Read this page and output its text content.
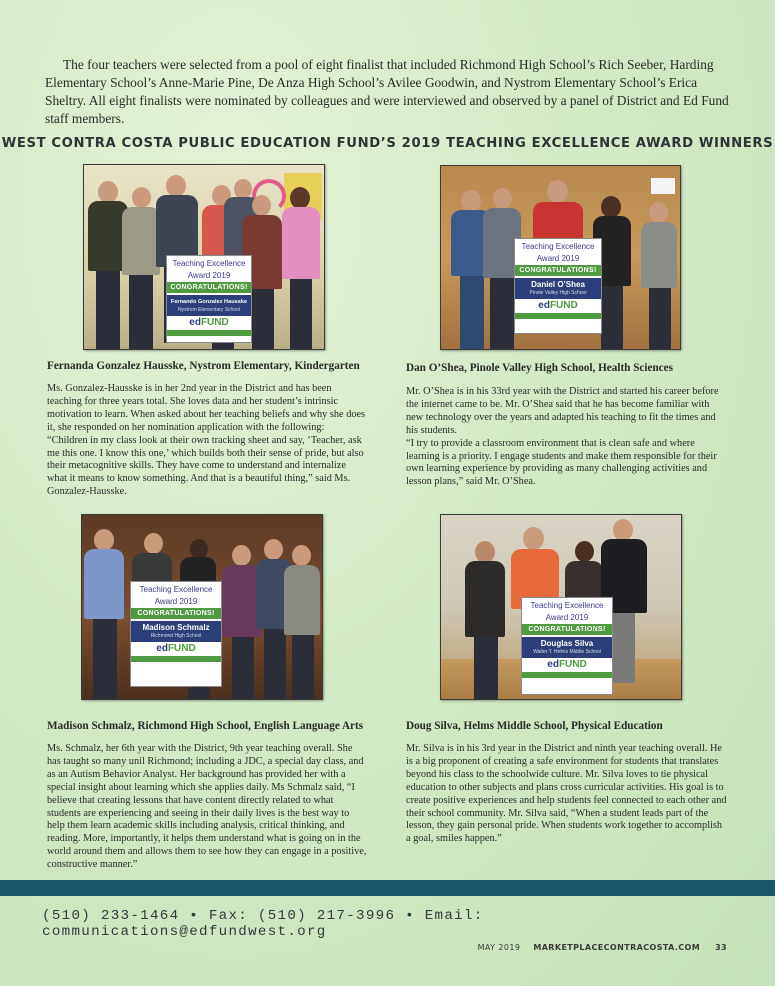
The four teachers were selected from a pool of eight finalist that included Richmond High School’s Rich Seeber, Harding Elementary School’s Anne-Marie Pine, De Anza High School’s Avilee Goodwin, and Nystrom Elementary School’s Erica Sheltry. All eight finalists were nominated by colleagues and were interviewed and observed by a panel of District and Ed Fund staff members.

WEST CONTRA COSTA PUBLIC EDUCATION FUND’S 2019 TEACHING EXCELLENCE AWARD WINNERS
Teaching Excellence
Award 2019
CONGRATULATIONS!
Fernando Gonzalez Hausske
Nystrom Elementary School
edFUND
Teaching Excellence
Award 2019
CONGRATULATIONS!
Daniel O’Shea
Pinole Valley High School
edFUND

Fernanda Gonzalez Hausske, Nystrom Elementary, Kindergarten

Ms. Gonzalez-Hausske is in her 2nd year in the District and has been teaching for three years total. She loves data and her student’s intrinsic motivation to learn. When asked about her teaching beliefs and why she does it, she responded on her nomination application with the following: “Children in my class look at their own tracking sheet and say, ‘Teacher, ask me this one. I know this one,’ which builds both their sense of pride, but also their metacognitive skills. They have come to understand and internalize what it means to know something. And that is a beautiful thing,” said Ms. Gonzalez-Hausske.

Dan O’Shea, Pinole Valley High School, Health Sciences

Mr. O’Shea is in his 33rd year with the District and started his career before the internet came to be. Mr. O’Shea said that he has become familiar with new technology over the years and adapted his teaching to fit the times and his students.

“I try to provide a classroom environment that is clean safe and where learning is a priority. I engage students and make them responsible for their own learning experience by providing as many challenging activities and lesson plans,” said Mr. O’Shea.

Teaching Excellence
Award 2019
CONGRATULATIONS!
Madison Schmalz
Richmond High School
edFUND
Teaching Excellence
Award 2019
CONGRATULATIONS!
Douglas Silva
Walter T. Helms Middle School
edFUND

Madison Schmalz, Richmond High School, English Language Arts

Ms. Schmalz, her 6th year with the District, 9th year teaching overall. She has taught so many unil Richmond; including a JDC, a special day class, and as an Autism Behavior Analyst. Her background has provided her with a special insight about learning which she applies daily. Ms Schmalz said, “I believe that creating lessons that have content directly related to what students are experiencing and seeing in their daily lives is the best way to help them learn academic skills including analysis, critical thinking, and reading. More, importantly, it helps them understand what is going on in the world around them and allows them to see how they can engage in a positive, constructive manner.”

Doug Silva, Helms Middle School, Physical Education

Mr. Silva is in his 3rd year in the District and ninth year teaching overall. He is a big proponent of creating a safe environment for students that translates beyond his class to the schoolwide culture. Mr. Silva loves to tie physical education to other subjects and plans cross curricular activities. His goal is to create positive experiences and help students feel connected to each other and their school community. Mr. Silva said, “When a student leads part of the lesson, they gain personal pride. When students work together to accomplish a goal, smiles happen.”

(510) 233-1464 • Fax: (510) 217-3996 • Email: communications@edfundwest.org
MAY 2019 MARKETPLACECONTRACOSTA.COM 33
